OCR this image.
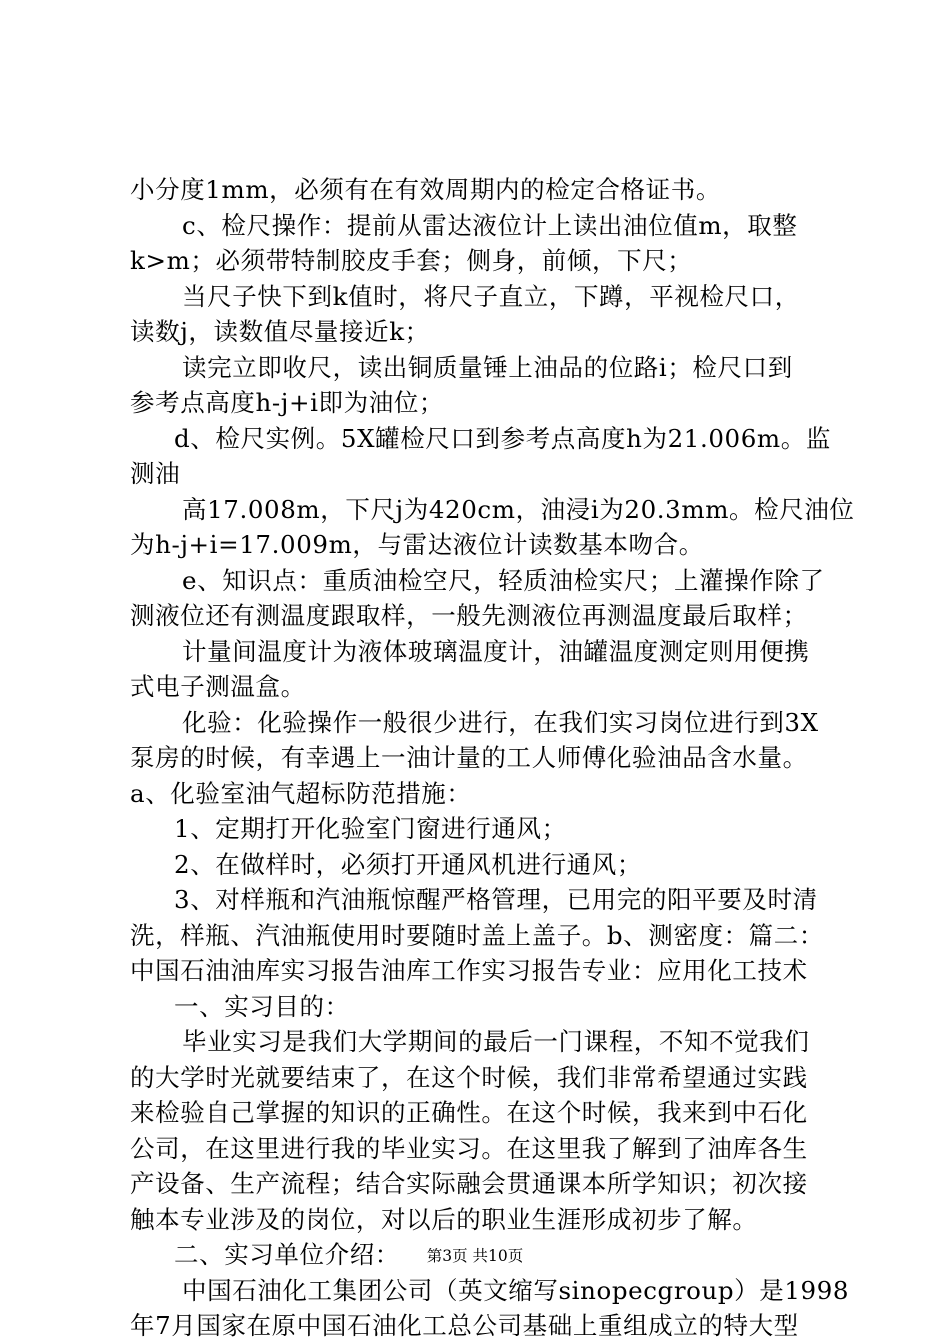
小分度1mm，必须有在有效周期内的检定合格证书。
c、检尺操作：提前从雷达液位计上读出油位值m，取整
k>m；必须带特制胶皮手套；侧身，前倾，下尺；
当尺子快下到k值时，将尺子直立，下蹲，平视检尺口，
读数j，读数值尽量接近k；
读完立即收尺，读出铜质量锤上油品的位路i；检尺口到
参考点高度h-j+i即为油位；
d、检尺实例。5X罐检尺口到参考点高度h为21.006m。监
测油
高17.008m，下尺j为420cm，油浸i为20.3mm。检尺油位
为h-j+i=17.009m，与雷达液位计读数基本吻合。
e、知识点：重质油检空尺，轻质油检实尺；上灌操作除了
测液位还有测温度跟取样，一般先测液位再测温度最后取样；
计量间温度计为液体玻璃温度计，油罐温度测定则用便携
式电子测温盒。
化验：化验操作一般很少进行，在我们实习岗位进行到3X
泵房的时候，有幸遇上一油计量的工人师傅化验油品含水量。
a、化验室油气超标防范措施：
1、定期打开化验室门窗进行通风；
2、在做样时，必须打开通风机进行通风；
3、对样瓶和汽油瓶惊醒严格管理，已用完的阳平要及时清
洗，样瓶、汽油瓶使用时要随时盖上盖子。b、测密度：篇二：
中国石油油库实习报告油库工作实习报告专业：应用化工技术
一、实习目的：
毕业实习是我们大学期间的最后一门课程，不知不觉我们
的大学时光就要结束了，在这个时候，我们非常希望通过实践
来检验自己掌握的知识的正确性。在这个时候，我来到中石化
公司，在这里进行我的毕业实习。在这里我了解到了油库各生
产设备、生产流程；结合实际融会贯通课本所学知识；初次接
触本专业涉及的岗位，对以后的职业生涯形成初步了解。
二、实习单位介绍：
中国石油化工集团公司（英文缩写sinopecgroup）是1998
年7月国家在原中国石油化工总公司基础上重组成立的特大型
第3页 共10页
